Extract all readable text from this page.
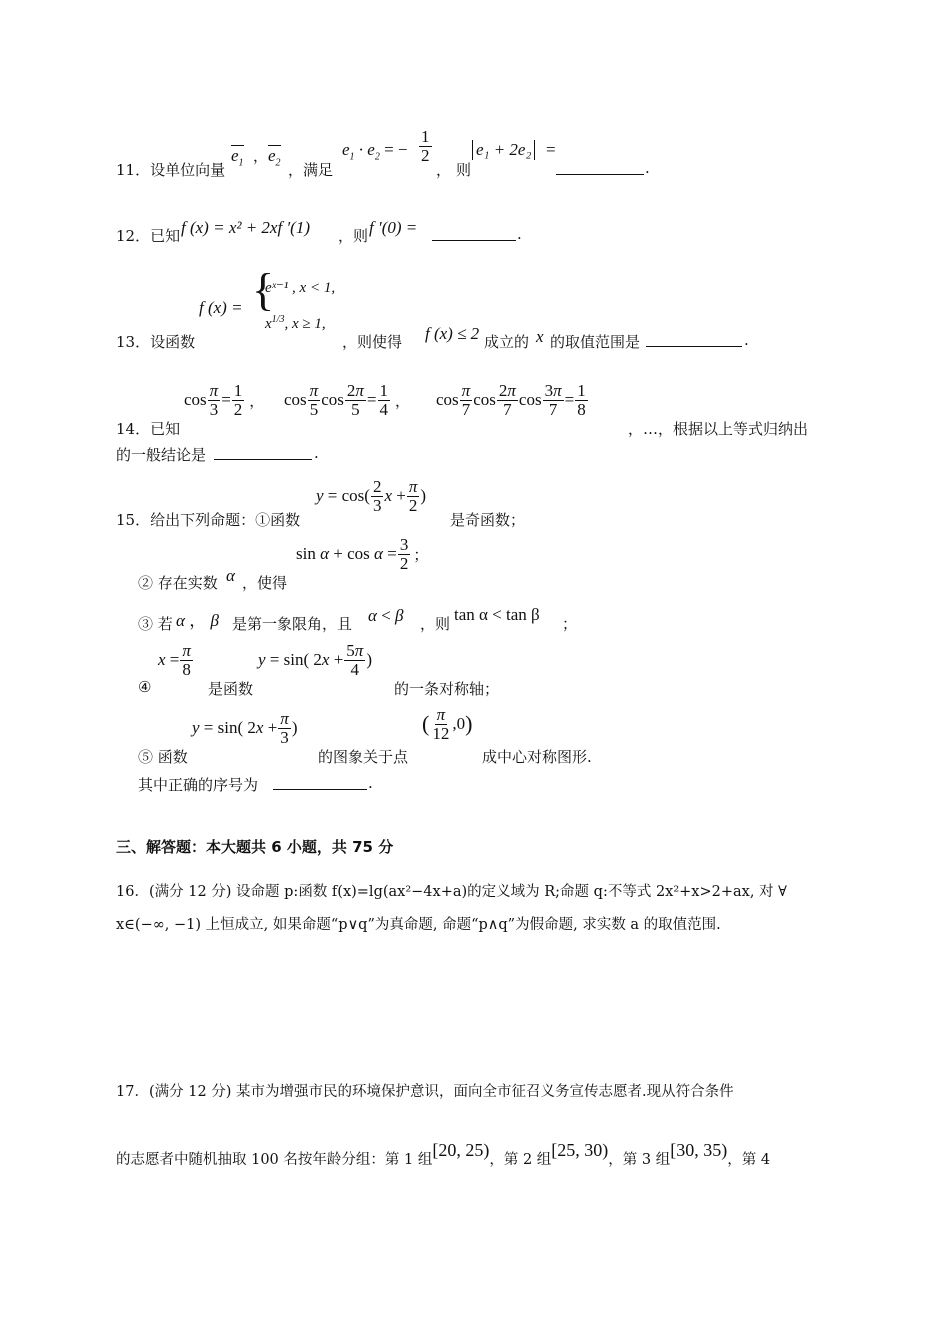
11．设单位向量
$e_1$ ， $e_2$ ，满足
$e_1 \cdot e_2$ = − $\frac{1}{2}$
， 则
e₁ + 2e₂ =
.
12．已知 f (x) = x² + 2xf ′(1) ，则 f ′(0) =	.
f (x) = {
eˣ⁻¹ , x < 1,
$x^{1/3}$, x ≥ 1,
13．设函数	，则使得 f (x) ≤ 2 成立的 x 的取值范围是	.
14．已知
$\cos \frac{\pi}{3} = \frac{1}{2}$ ， $\cos \frac{\pi}{5}$ $\cos \frac{2\pi}{5} = \frac{1}{4}$ ， $\cos \frac{\pi}{7}$ $\cos \frac{2\pi}{7}$ $\cos \frac{3\pi}{7} = \frac{1}{8}$
，…，根据以上等式归纳出
的一般结论是	.
$y = \cos( \frac{2}{3}$ $x + \frac{\pi}{2}$ )
15．给出下列命题：①函数	是奇函数；
$\sin \alpha + \cos \alpha = \frac{3}{2}$ ；
② 存在实数 α ，使得
③ 若 α ， β 是第一象限角，且 α < β ，则 tan α < tan β ；
$x = \frac{\pi}{8}$	y = sin( $2x + \frac{5\pi}{4}$ )
④	是函数	的一条对称轴；
y = sin( $2x + \frac{\pi}{3}$ )	( $\frac{\pi}{12} ,0$ )
⑤ 函数	的图象关于点	成中心对称图形.
其中正确的序号为	.
三、解答题：本大题共 6 小题，共 75 分
16．(满分 12 分) 设命题 p:函数 f(x)=lg(ax²−4x+a)的定义域为 R;命题 q:不等式 2x²+x>2+ax, 对 ∀
x∈(−∞, −1) 上恒成立, 如果命题“p∨q”为真命题, 命题“p∧q”为假命题, 求实数 a 的取值范围.
17．(满分 12 分) 某市为增强市民的环境保护意识，面向全市征召义务宣传志愿者.现从符合条件
的志愿者中随机抽取 100 名按年龄分组：第 1 组[20, 25)，第 2 组[25, 30)，第 3 组[30, 35)，第 4
